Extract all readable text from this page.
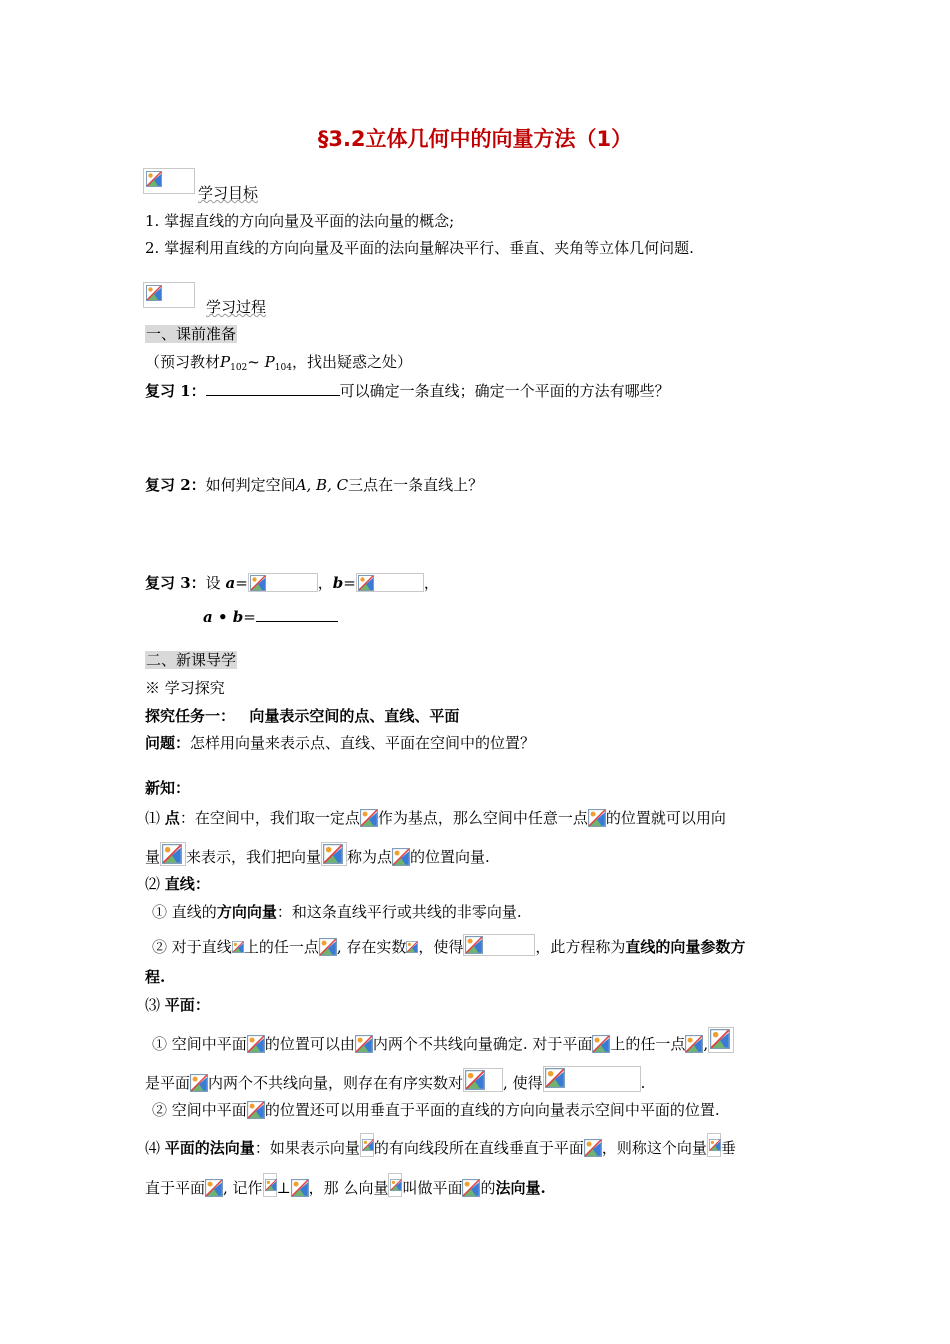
§3.2立体几何中的向量方法（1）
学习目标
1. 掌握直线的方向向量及平面的法向量的概念;
2. 掌握利用直线的方向向量及平面的法向量解决平行、垂直、夹角等立体几何问题.
学习过程
一、课前准备
（预习教材$P_{102}\sim$ $P_{104}$，找出疑惑之处）
复习 1：	可以确定一条直线；确定一个平面的方法有哪些？
复习 2：如何判定空间A, B, C三点在一条直线上？
复习 3：设 a=	，b=	，
a • b=
二、新课导学
※ 学习探究
探究任务一： 向量表示空间的点、直线、平面
问题：怎样用向量来表示点、直线、平面在空间中的位置？
新知：
⑴ 点：在空间中，我们取一定点 作为基点，那么空间中任意一点 的位置就可以用向
量 来表示，我们把向量 称为点 的位置向量.
⑵ 直线：
① 直线的方向向量：和这条直线平行或共线的非零向量.
② 对于直线 上的任一点 , 存在实数 ，使得	，此方程称为直线的向量参数方
程.
⑶ 平面：
① 空间中平面 的位置可以由 内两个不共线向量确定. 对于平面 上的任一点 ,
是平面 内两个不共线向量，则存在有序实数对	, 使得	.
② 空间中平面 的位置还可以用垂直于平面的直线的方向向量表示空间中平面的位置.
⑷ 平面的法向量：如果表示向量 的有向线段所在直线垂直于平面 ，则称这个向量 垂
直于平面 , 记作 ⊥ ，那 么向量 叫做平面 的法向量.
